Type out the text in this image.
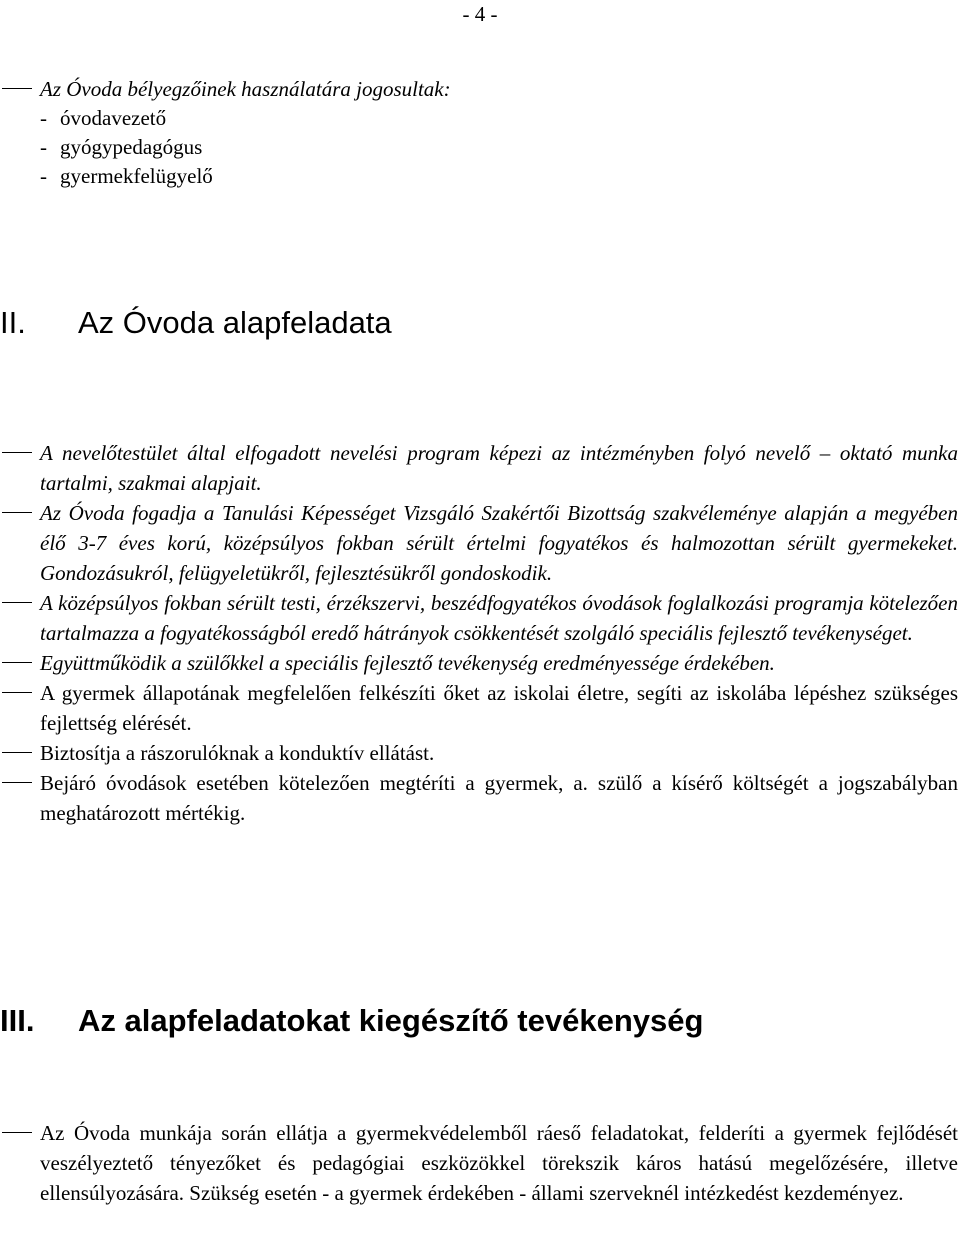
- 4 -
Az Óvoda bélyegzőinek használatára jogosultak:
- óvodavezető
- gyógypedagógus
- gyermekfelügyelő
II. Az Óvoda alapfeladata
A nevelőtestület által elfogadott nevelési program képezi az intézményben folyó nevelő – oktató munka tartalmi, szakmai alapjait.
Az Óvoda fogadja a Tanulási Képességet Vizsgáló Szakértői Bizottság szakvéleménye alapján a megyében élő 3-7 éves korú, középsúlyos fokban sérült értelmi fogyatékos és halmozottan sérült gyermekeket. Gondozásukról, felügyeletükről, fejlesztésükről gondoskodik.
A középsúlyos fokban sérült testi, érzékszervi, beszédfogyatékos óvodások foglalkozási programja kötelezően tartalmazza a fogyatékosságból eredő hátrányok csökkentését szolgáló speciális fejlesztő tevékenységet.
Együttműködik a szülőkkel a speciális fejlesztő tevékenység eredményessége érdekében.
A gyermek állapotának megfelelően felkészíti őket az iskolai életre, segíti az iskolába lépéshez szükséges fejlettség elérését.
Biztosítja a rászorulóknak a konduktív ellátást.
Bejáró óvodások esetében kötelezően megtéríti a gyermek, a. szülő a kísérő költségét a jogszabályban meghatározott mértékig.
III. Az alapfeladatokat kiegészítő tevékenység
Az Óvoda munkája során ellátja a gyermekvédelemből ráeső feladatokat, felderíti a gyermek fejlődését veszélyeztető tényezőket és pedagógiai eszközökkel törekszik káros hatású megelőzésére, illetve ellensúlyozására. Szükség esetén - a gyermek érdekében - állami szerveknél intézkedést kezdeményez.
